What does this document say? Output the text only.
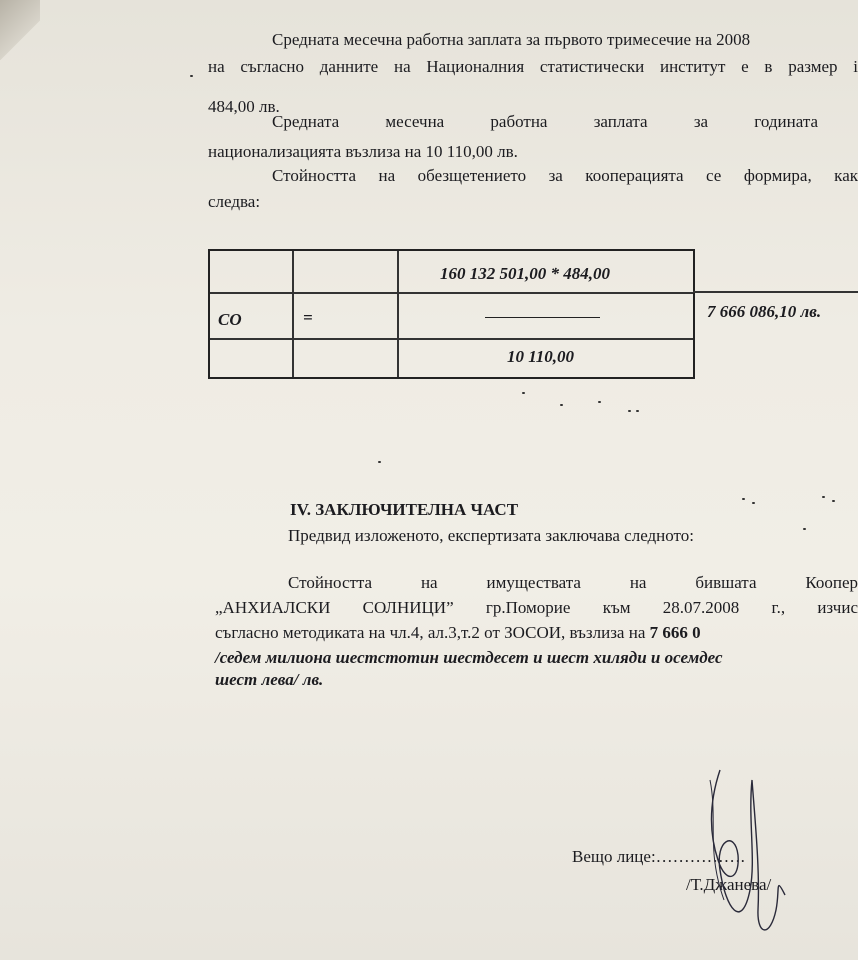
Средната месечна работна заплата за първото тримесечие на 2008
на съгласно данните на Националния статистически институт е в размер і
484,00 лв.
Средната месечна работна заплата за годината
национализацията възлиза на 10 110,00 лв.
Стойността на обезщетението за кооперацията се формира, как
следва:
160 132 501,00 * 484,00
CO	=
10 110,00
7 666 086,10 лв.
IV. ЗАКЛЮЧИТЕЛНА ЧАСТ
Предвид изложеното, експертизата заключава следното:
Стойността на имуществата на бившата Коопер
„АНХИАЛСКИ СОЛНИЦИ” гр.Поморие към 28.07.2008 г., изчис
съгласно методиката на чл.4, ал.3,т.2 от ЗОСОИ, възлиза на 7 666 0
/седем милиона шестстотин шестдесет и шест хиляди и осемдес
шест лева/ лв.
Вещо лице:…………….
/Т.Джанева/
